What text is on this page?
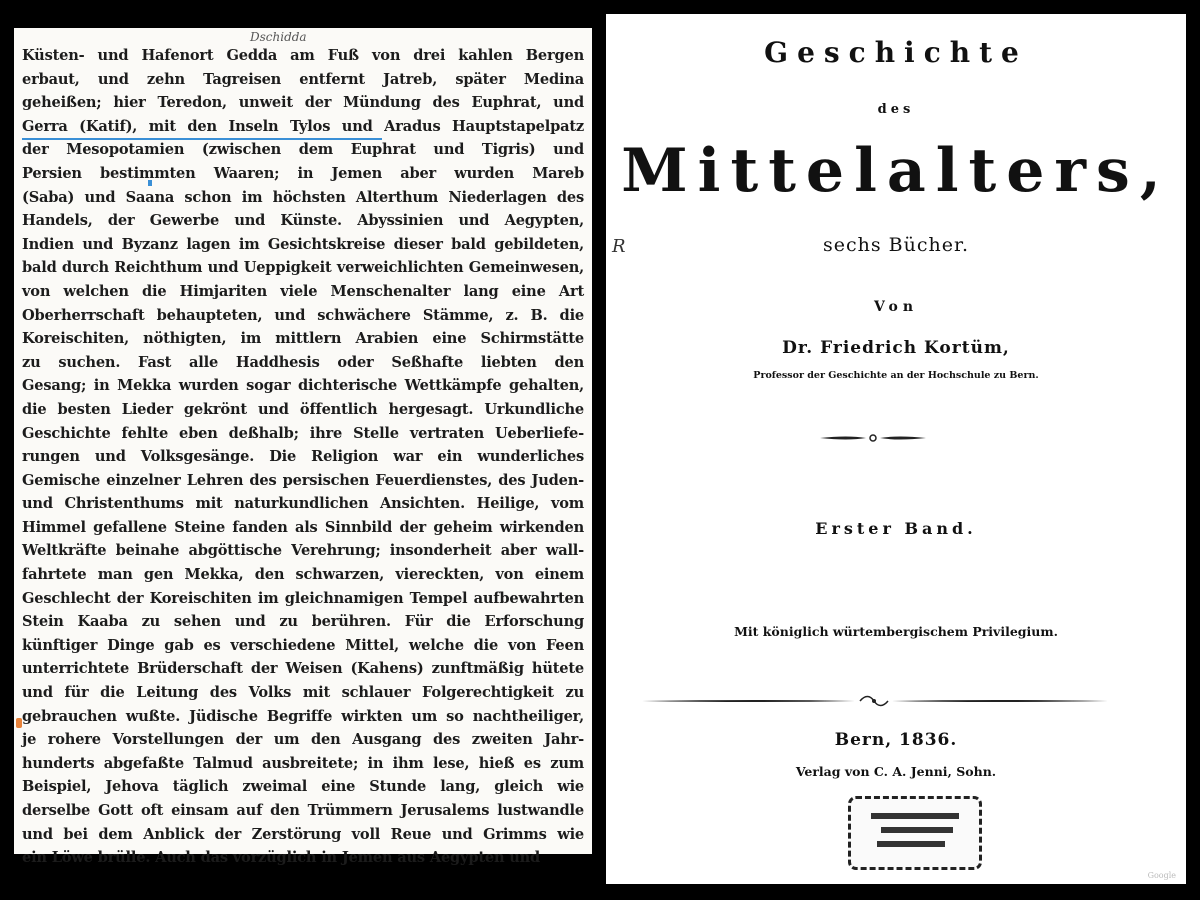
Dschidda
Küsten- und Hafenort Gedda am Fuß von drei kahlen Bergen
erbaut, und zehn Tagreisen entfernt Jatreb, später Medina
geheißen; hier Teredon, unweit der Mündung des Euphrat, und
Gerra (Katif), mit den Inseln Tylos und Aradus Hauptstapelpatz
der Mesopotamien (zwischen dem Euphrat und Tigris) und
Persien bestimmten Waaren; in Jemen aber wurden Mareb
(Saba) und Saana schon im höchsten Alterthum Niederlagen des
Handels, der Gewerbe und Künste. Abyssinien und Aegypten,
Indien und Byzanz lagen im Gesichtskreise dieser bald gebildeten,
bald durch Reichthum und Ueppigkeit verweichlichten Gemeinwesen,
von welchen die Himjariten viele Menschenalter lang eine Art
Oberherrschaft behaupteten, und schwächere Stämme, z. B. die
Koreischiten, nöthigten, im mittlern Arabien eine Schirmstätte
zu suchen. Fast alle Haddhesis oder Seßhafte liebten den
Gesang; in Mekka wurden sogar dichterische Wettkämpfe gehalten,
die besten Lieder gekrönt und öffentlich hergesagt. Urkundliche
Geschichte fehlte eben deßhalb; ihre Stelle vertraten Ueberliefe-
rungen und Volksgesänge. Die Religion war ein wunderliches
Gemische einzelner Lehren des persischen Feuerdienstes, des Juden-
und Christenthums mit naturkundlichen Ansichten. Heilige, vom
Himmel gefallene Steine fanden als Sinnbild der geheim wirkenden
Weltkräfte beinahe abgöttische Verehrung; insonderheit aber wall-
fahrtete man gen Mekka, den schwarzen, viereckten, von einem
Geschlecht der Koreischiten im gleichnamigen Tempel aufbewahrten
Stein Kaaba zu sehen und zu berühren. Für die Erforschung
künftiger Dinge gab es verschiedene Mittel, welche die von Feen
unterrichtete Brüderschaft der Weisen (Kahens) zunftmäßig hütete
und für die Leitung des Volks mit schlauer Folgerechtigkeit zu
gebrauchen wußte. Jüdische Begriffe wirkten um so nachtheiliger,
je rohere Vorstellungen der um den Ausgang des zweiten Jahr-
hunderts abgefaßte Talmud ausbreitete; in ihm lese, hieß es zum
Beispiel, Jehova täglich zweimal eine Stunde lang, gleich wie
derselbe Gott oft einsam auf den Trümmern Jerusalems lustwandle
und bei dem Anblick der Zerstörung voll Reue und Grimms wie
ein Löwe brülle. Auch das vorzüglich in Jemen aus Aegypten und
Geschichte
des
Mittelalters,
sechs Bücher.
R
Von
Dr. Friedrich Kortüm,
Professor der Geschichte an der Hochschule zu Bern.
Erster Band.
Mit königlich würtembergischem Privilegium.
Bern, 1836.
Verlag von C. A. Jenni, Sohn.
Google
